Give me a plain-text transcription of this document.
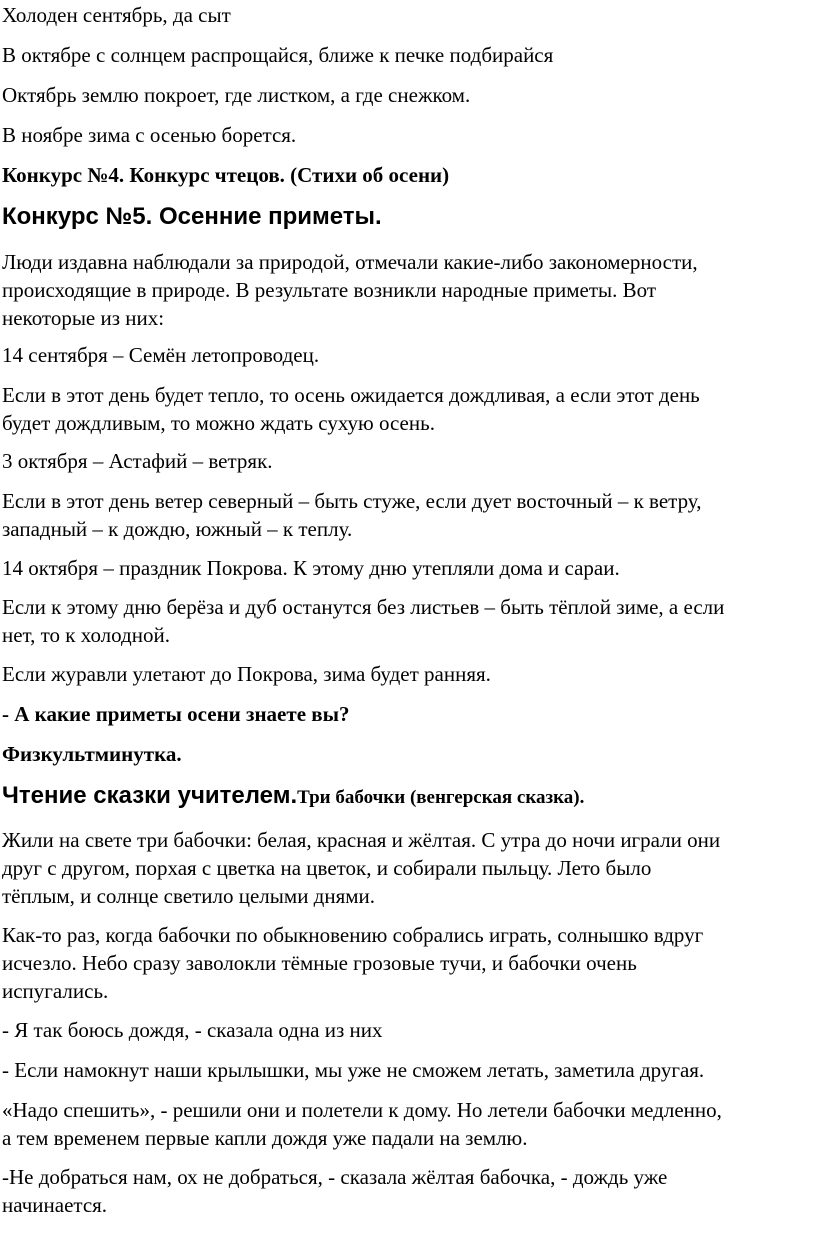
Холоден сентябрь, да сыт

В октябре с солнцем распрощайся, ближе к печке подбирайся

Октябрь землю покроет, где листком, а где снежком.

В ноябре зима с осенью борется.

Конкурс №4. Конкурс чтецов. (Стихи об осени)

Конкурс №5. Осенние приметы.

Люди издавна наблюдали за природой, отмечали какие-либо закономерности,

происходящие в природе. В результате возникли народные приметы. Вот

некоторые из них:

14 сентября – Семён летопроводец.

Если в этот день будет тепло, то осень ожидается дождливая, а если этот день

будет дождливым, то можно ждать сухую осень.

3 октября – Астафий – ветряк.

Если в этот день ветер северный – быть стуже, если дует восточный – к ветру,

западный – к дождю, южный – к теплу.

14 октября – праздник Покрова. К этому дню утепляли дома и сараи.

Если к этому дню берёза и дуб останутся без листьев – быть тёплой зиме, а если

нет, то к холодной.

Если журавли улетают до Покрова, зима будет ранняя.

- А какие приметы осени знаете вы?

Физкультминутка.

Чтение сказки учителем.Три бабочки (венгерская сказка).

Жили на свете три бабочки: белая, красная и жёлтая. С утра до ночи играли они

друг с другом, порхая с цветка на цветок, и собирали пыльцу. Лето было

тёплым, и солнце светило целыми днями.

Как-то раз, когда бабочки по обыкновению собрались играть, солнышко вдруг

исчезло. Небо сразу заволокли тёмные грозовые тучи, и бабочки очень

испугались.

- Я так боюсь дождя, - сказала одна из них

- Если намокнут наши крылышки, мы уже не сможем летать, заметила другая.

«Надо спешить», - решили они и полетели к дому. Но летели бабочки медленно,

а тем временем первые капли дождя уже падали на землю.

-Не добраться нам, ох не добраться, - сказала жёлтая бабочка, - дождь уже

начинается.
